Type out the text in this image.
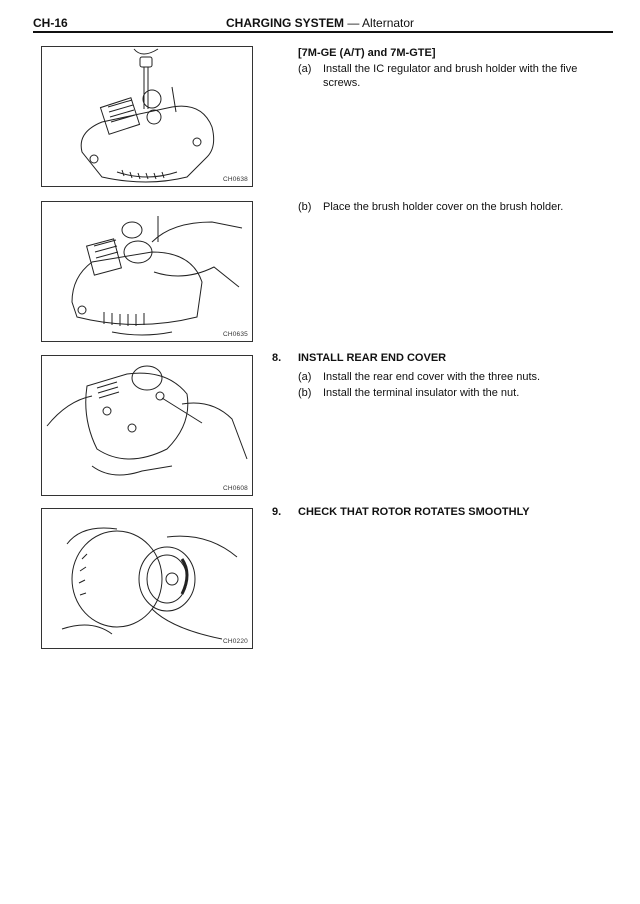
CH-16	CHARGING SYSTEM — Alternator
CH0638
CH0635
CH0608
CH0220
[7M-GE (A/T) and 7M-GTE]
(a) Install the IC regulator and brush holder with the five screws.
(b) Place the brush holder cover on the brush holder.
8. INSTALL REAR END COVER
(a) Install the rear end cover with the three nuts.
(b) Install the terminal insulator with the nut.
9. CHECK THAT ROTOR ROTATES SMOOTHLY
